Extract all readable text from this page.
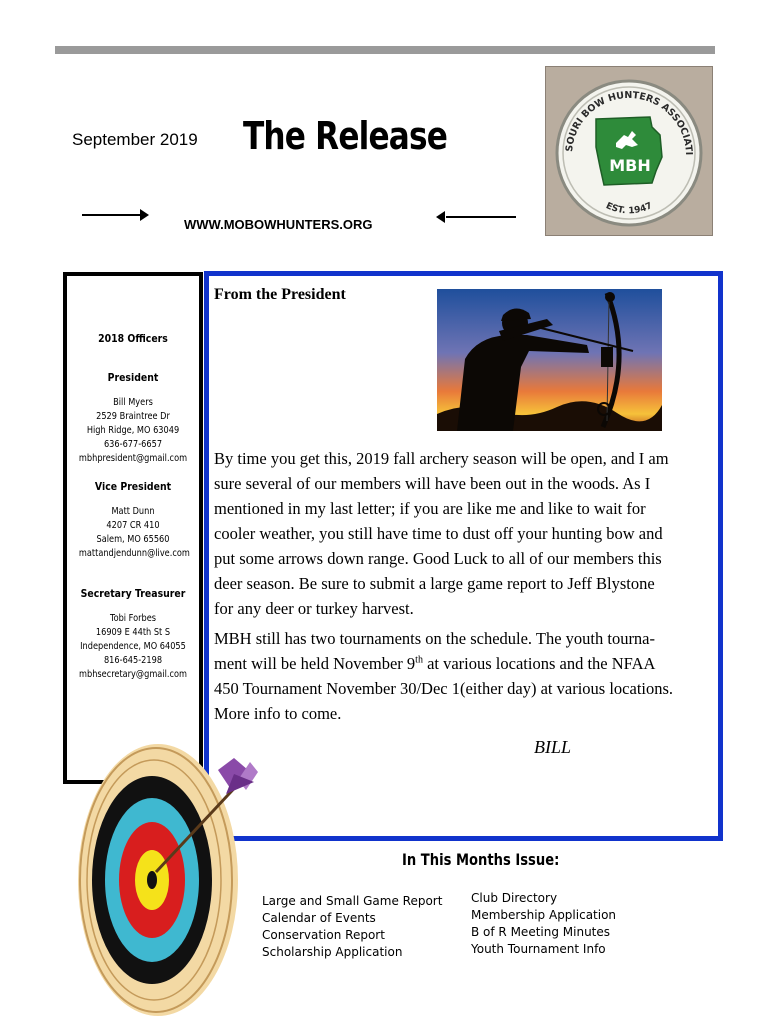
September 2019 The Release
WWW.MOBOWHUNTERS.ORG
SOURI BOW HUNTERS ASSOCIATI
MBH
EST. 1947
2018 Officers
President
Bill Myers
2529 Braintree Dr
High Ridge, MO 63049
636-677-6657
mbhpresident@gmail.com
Vice President
Matt Dunn
4207 CR 410
Salem, MO 65560
mattandjendunn@live.com
Secretary Treasurer
Tobi Forbes
16909 E 44th St S
Independence, MO 64055
816-645-2198
mbhsecretary@gmail.com
From the President
By time you get this, 2019 fall archery season will be open, and I am
sure several of our members will have been out in the woods. As I
mentioned in my last letter; if you are like me and like to wait for
cooler weather, you still have time to dust off your hunting bow and
put some arrows down range. Good Luck to all of our members this
deer season. Be sure to submit a large game report to Jeff Blystone
for any deer or turkey harvest.
MBH still has two tournaments on the schedule. The youth tourna-
ment will be held November 9th at various locations and the NFAA
450 Tournament November 30/Dec 1(either day) at various locations.
More info to come.
BILL
In This Months Issue:
Large and Small Game Report
Calendar of Events
Conservation Report
Scholarship Application
Club Directory
Membership Application
B of R Meeting Minutes
Youth Tournament Info
